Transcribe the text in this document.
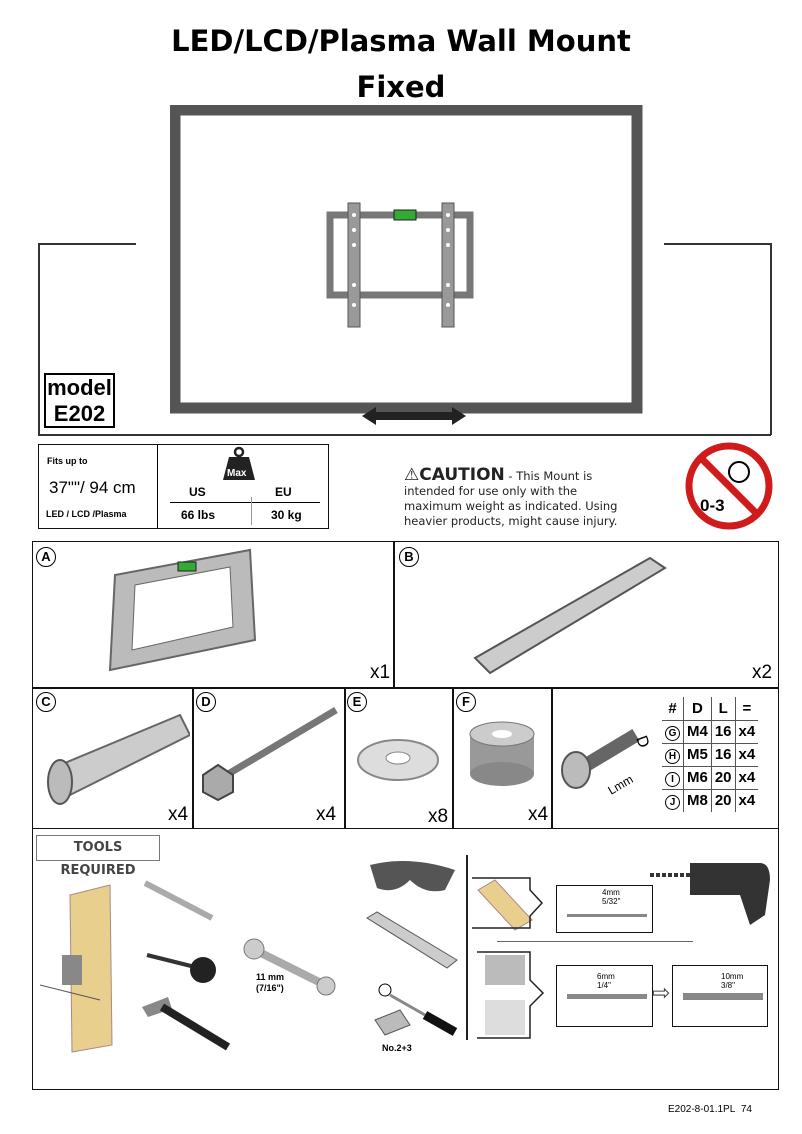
LED/LCD/Plasma Wall Mount
Fixed
model
E202
Fits up to
37""/ 94 cm
LED / LCD /Plasma
Max
US	EU
66 lbs	30 kg
⚠CAUTION - This Mount is intended for use only with the maximum weight as indicated. Using heavier products, might cause injury.
0-3
A	B
C	D	E	F
x1	x2
x4	x4	x8	x4
D
Lmm
#	D	L	=
G	M4	16	x4
H	M5	16	x4
I	M6	20	x4
J	M8	20	x4
TOOLS REQUIRED
11 mm
(7/16")
No.2+3
4mm
5/32"
6mm
1/4" ⇨
10mm
3/8"
E202-8-01.1PL 74
